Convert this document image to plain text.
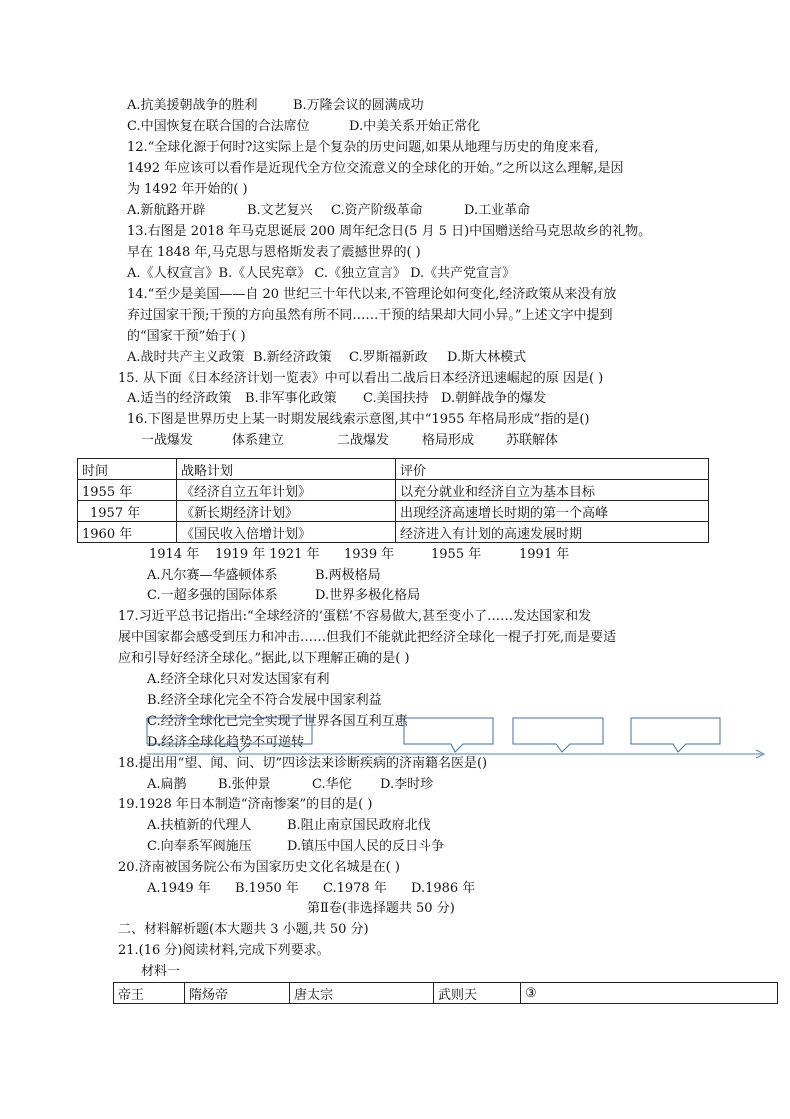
A.抗美援朝战争的胜利	B.万隆会议的圆满成功
C.中国恢复在联合国的合法席位	D.中美关系开始正常化
12.“全球化源于何时?这实际上是个复杂的历史问题,如果从地理与历史的角度来看,
1492 年应该可以看作是近现代全方位交流意义的全球化的开始。”之所以这么理解,是因
为 1492 年开始的( )
A.新航路开辟	B.文艺复兴 C.资产阶级革命	D.工业革命
13.右图是 2018 年马克思诞辰 200 周年纪念日(5 月 5 日)中国赠送给马克思故乡的礼物。
早在 1848 年,马克思与恩格斯发表了震撼世界的( )
A.《人权宣言》B.《人民宪章》 C.《独立宣言》 D.《共产党宣言》
14.“至少是美国——自 20 世纪三十年代以来,不管理论如何变化,经济政策从来没有放
弃过国家干预;干预的方向虽然有所不同……干预的结果却大同小异。”上述文字中提到
的“国家干预”始于( )
A.战时共产主义政策 B.新经济政策 C.罗斯福新政 D.斯大林模式
15. 从下面《日本经济计划一览表》中可以看出二战后日本经济迅速崛起的原 因是( )
A.适当的经济政策 B.非军事化政策 C.美国扶持 D.朝鲜战争的爆发
16.下图是世界历史上某一时期发展线索示意图,其中“1955 年格局形成”指的是()
一战爆发	体系建立	二战爆发	格局形成 苏联解体
时间	战略计划	评价
1955 年	《经济自立五年计划》	以充分就业和经济自立为基本目标
1957 年	《新长期经济计划》	出现经济高速增长时期的第一个高峰
1960 年	《国民收入倍增计划》	经济进入有计划的高速发展时期
1914 年 1919 年 1921 年 1939 年	1955 年	1991 年
A.凡尔赛—华盛顿体系	B.两极格局
C.一超多强的国际体系	D.世界多极化格局
17.习近平总书记指出:“全球经济的‘蛋糕’不容易做大,甚至变小了……发达国家和发
展中国家都会感受到压力和冲击……但我们不能就此把经济全球化一棍子打死,而是要适
应和引导好经济全球化。”据此,以下理解正确的是( )
A.经济全球化只对发达国家有利
B.经济全球化完全不符合发展中国家利益
C.经济全球化已完全实现了世界各国互利互惠
D.经济全球化趋势不可逆转
18.提出用“望、闻、问、切”四诊法来诊断疾病的济南籍名医是()
A.扁鹊 B.张仲景	C.华佗 D.李时珍
19.1928 年日本制造“济南惨案”的目的是( )
A.扶植新的代理人	B.阻止南京国民政府北伐
C.向奉系军阀施压	D.镇压中国人民的反日斗争
20.济南被国务院公布为国家历史文化名城是在( )
A.1949 年 B.1950 年 C.1978 年 D.1986 年
第Ⅱ卷(非选择题共 50 分)
二、材料解析题(本大题共 3 小题,共 50 分)
21.(16 分)阅读材料,完成下列要求。
材料一
帝王	隋炀帝	唐太宗	武则天	③
